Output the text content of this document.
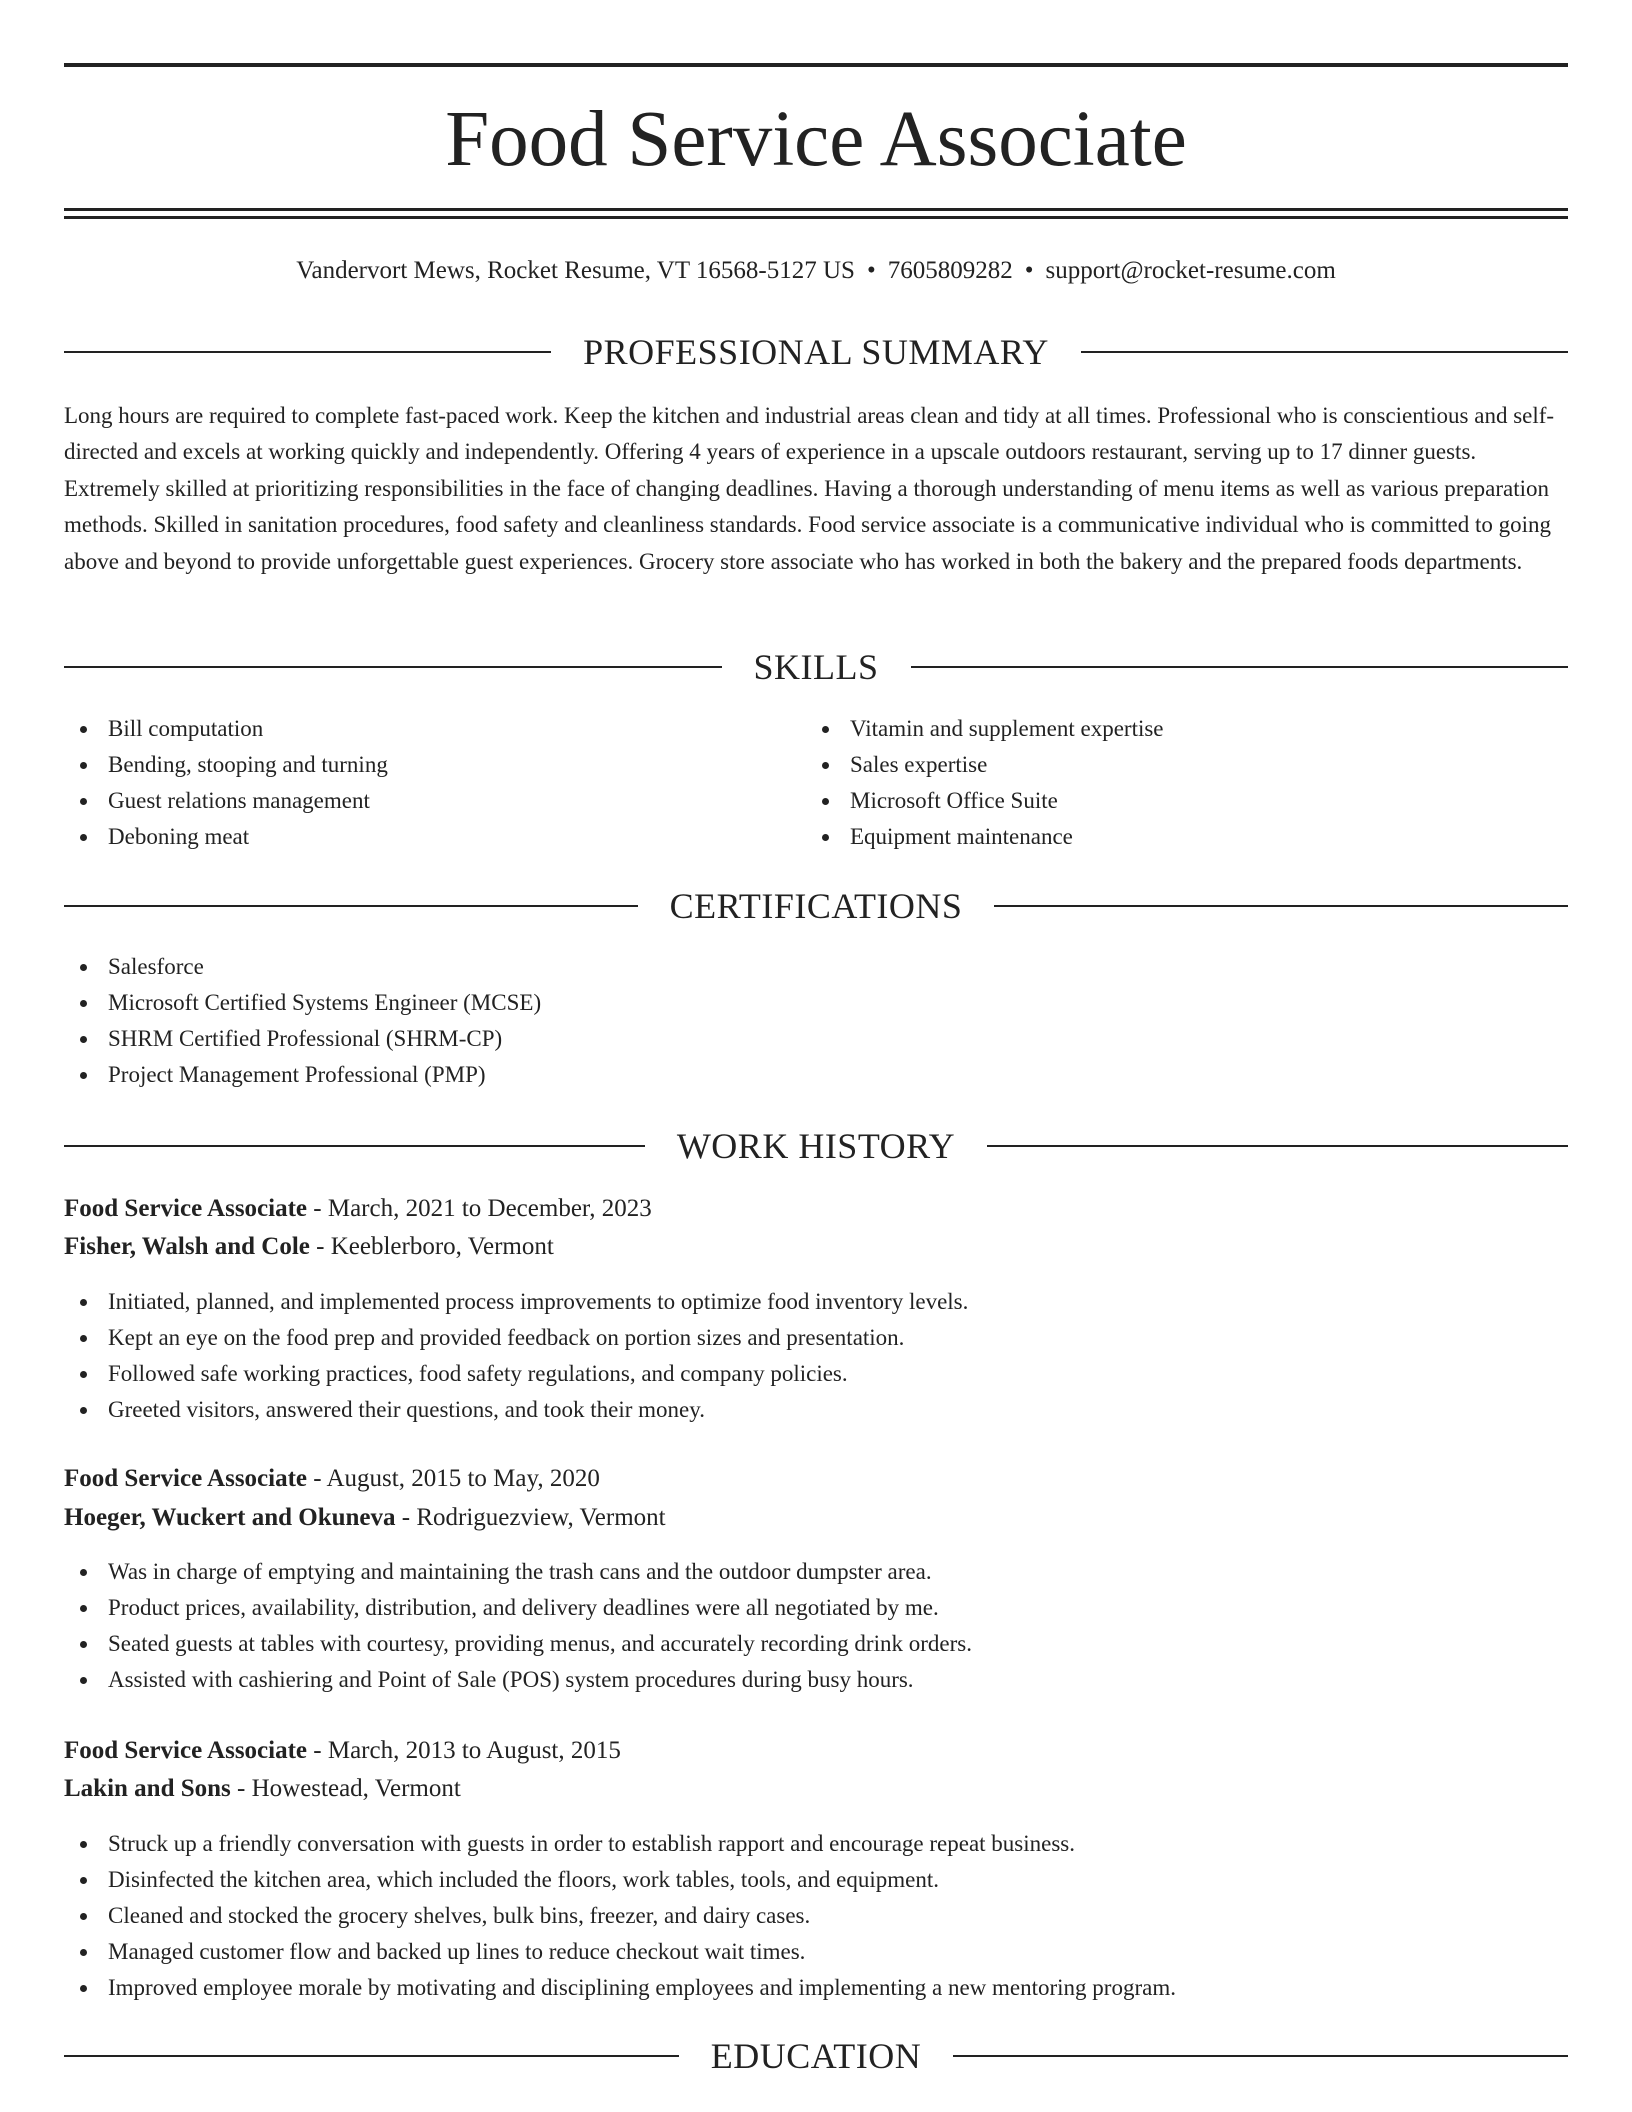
Food Service Associate
Vandervort Mews, Rocket Resume, VT 16568-5127 US • 7605809282 • support@rocket-resume.com
PROFESSIONAL SUMMARY

Long hours are required to complete fast-paced work. Keep the kitchen and industrial areas clean and tidy at all times. Professional who is conscientious and self-directed and excels at working quickly and independently. Offering 4 years of experience in a upscale outdoors restaurant, serving up to 17 dinner guests. Extremely skilled at prioritizing responsibilities in the face of changing deadlines. Having a thorough understanding of menu items as well as various preparation methods. Skilled in sanitation procedures, food safety and cleanliness standards. Food service associate is a communicative individual who is committed to going above and beyond to provide unforgettable guest experiences. Grocery store associate who has worked in both the bakery and the prepared foods departments.

SKILLS
Bill computation
Bending, stooping and turning
Guest relations management
Deboning meat
Vitamin and supplement expertise
Sales expertise
Microsoft Office Suite
Equipment maintenance
CERTIFICATIONS
Salesforce
Microsoft Certified Systems Engineer (MCSE)
SHRM Certified Professional (SHRM-CP)
Project Management Professional (PMP)
WORK HISTORY
Food Service Associate - March, 2021 to December, 2023
Fisher, Walsh and Cole - Keeblerboro, Vermont
Initiated, planned, and implemented process improvements to optimize food inventory levels.
Kept an eye on the food prep and provided feedback on portion sizes and presentation.
Followed safe working practices, food safety regulations, and company policies.
Greeted visitors, answered their questions, and took their money.
Food Service Associate - August, 2015 to May, 2020
Hoeger, Wuckert and Okuneva - Rodriguezview, Vermont
Was in charge of emptying and maintaining the trash cans and the outdoor dumpster area.
Product prices, availability, distribution, and delivery deadlines were all negotiated by me.
Seated guests at tables with courtesy, providing menus, and accurately recording drink orders.
Assisted with cashiering and Point of Sale (POS) system procedures during busy hours.
Food Service Associate - March, 2013 to August, 2015
Lakin and Sons - Howestead, Vermont
Struck up a friendly conversation with guests in order to establish rapport and encourage repeat business.
Disinfected the kitchen area, which included the floors, work tables, tools, and equipment.
Cleaned and stocked the grocery shelves, bulk bins, freezer, and dairy cases.
Managed customer flow and backed up lines to reduce checkout wait times.
Improved employee morale by motivating and disciplining employees and implementing a new mentoring program.
EDUCATION
